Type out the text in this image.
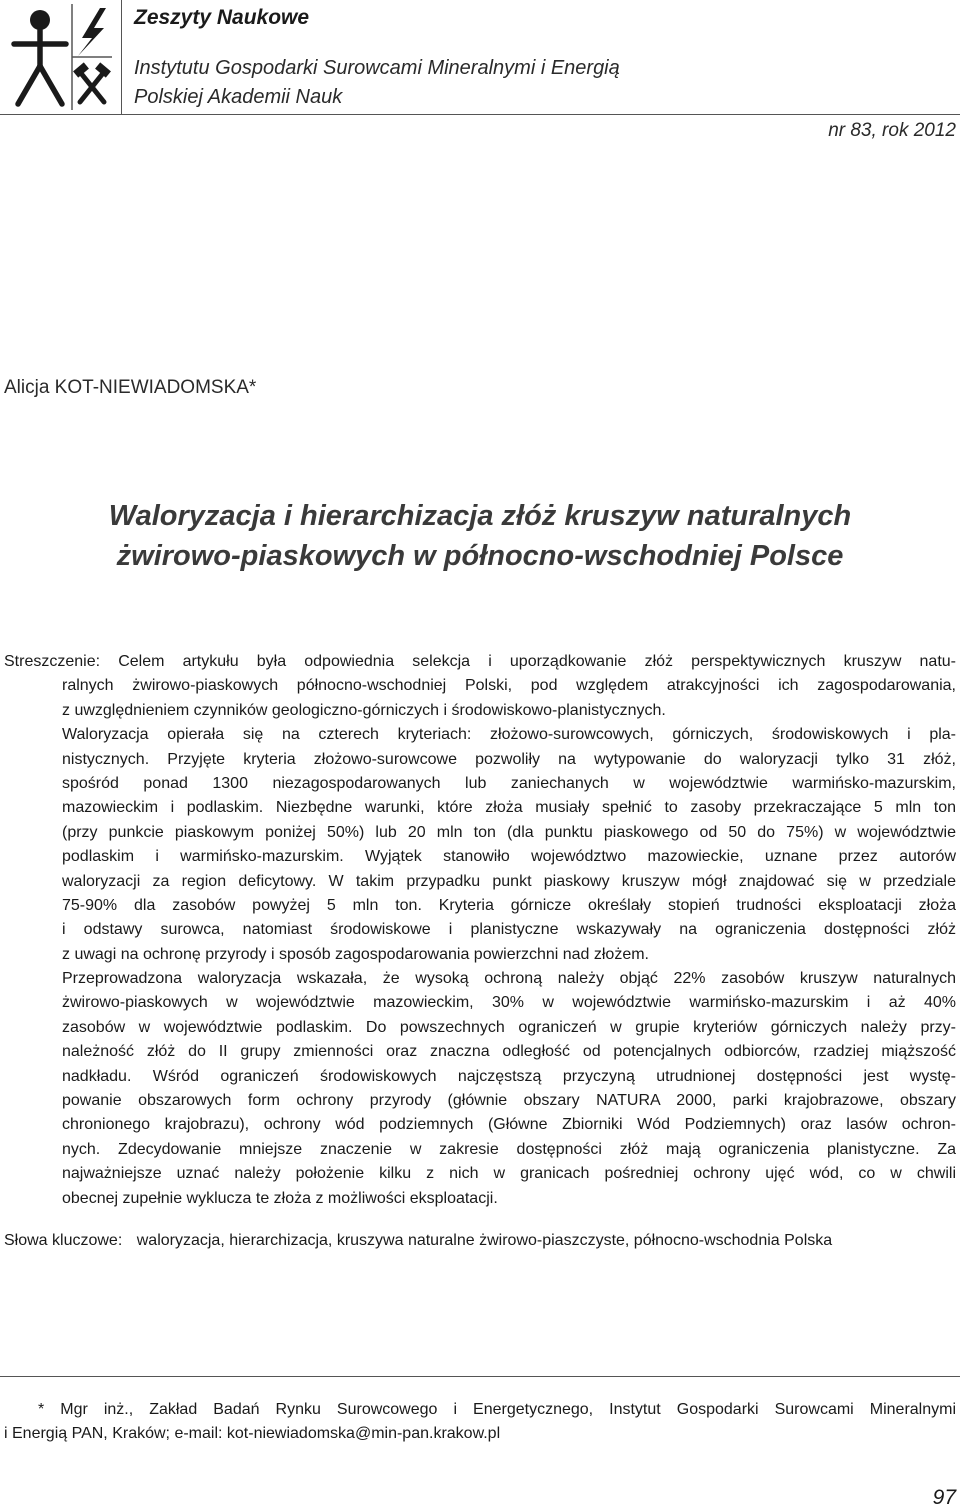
Zeszyty Naukowe
Instytutu Gospodarki Surowcami Mineralnymi i Energią
Polskiej Akademii Nauk
nr 83, rok 2012
Alicja KOT-NIEWIADOMSKA*
Waloryzacja i hierarchizacja złóż kruszyw naturalnych
żwirowo-piaskowych w północno-wschodniej Polsce
Streszczenie: Celem artykułu była odpowiednia selekcja i uporządkowanie złóż perspektywicznych kruszyw natu-
ralnych żwirowo-piaskowych północno-wschodniej Polski, pod względem atrakcyjności ich zagospodarowania,
z uwzględnieniem czynników geologiczno-górniczych i środowiskowo-planistycznych.
Waloryzacja opierała się na czterech kryteriach: złożowo-surowcowych, górniczych, środowiskowych i pla-
nistycznych. Przyjęte kryteria złożowo-surowcowe pozwoliły na wytypowanie do waloryzacji tylko 31 złóż,
spośród ponad 1300 niezagospodarowanych lub zaniechanych w województwie warmińsko-mazurskim,
mazowieckim i podlaskim. Niezbędne warunki, które złoża musiały spełnić to zasoby przekraczające 5 mln ton
(przy punkcie piaskowym poniżej 50%) lub 20 mln ton (dla punktu piaskowego od 50 do 75%) w województwie
podlaskim i warmińsko-mazurskim. Wyjątek stanowiło województwo mazowieckie, uznane przez autorów
waloryzacji za region deficytowy. W takim przypadku punkt piaskowy kruszyw mógł znajdować się w przedziale
75-90% dla zasobów powyżej 5 mln ton. Kryteria górnicze określały stopień trudności eksploatacji złoża
i odstawy surowca, natomiast środowiskowe i planistyczne wskazywały na ograniczenia dostępności złóż
z uwagi na ochronę przyrody i sposób zagospodarowania powierzchni nad złożem.
Przeprowadzona waloryzacja wskazała, że wysoką ochroną należy objąć 22% zasobów kruszyw naturalnych
żwirowo-piaskowych w województwie mazowieckim, 30% w województwie warmińsko-mazurskim i aż 40%
zasobów w województwie podlaskim. Do powszechnych ograniczeń w grupie kryteriów górniczych należy przy-
należność złóż do II grupy zmienności oraz znaczna odległość od potencjalnych odbiorców, rzadziej miąższość
nadkładu. Wśród ograniczeń środowiskowych najczęstszą przyczyną utrudnionej dostępności jest wystę-
powanie obszarowych form ochrony przyrody (głównie obszary NATURA 2000, parki krajobrazowe, obszary
chronionego krajobrazu), ochrony wód podziemnych (Główne Zbiorniki Wód Podziemnych) oraz lasów ochron-
nych. Zdecydowanie mniejsze znaczenie w zakresie dostępności złóż mają ograniczenia planistyczne. Za
najważniejsze uznać należy położenie kilku z nich w granicach pośredniej ochrony ujęć wód, co w chwili
obecnej zupełnie wyklucza te złoża z możliwości eksploatacji.
Słowa kluczowe: waloryzacja, hierarchizacja, kruszywa naturalne żwirowo-piaszczyste, północno-wschodnia Polska
* Mgr inż., Zakład Badań Rynku Surowcowego i Energetycznego, Instytut Gospodarki Surowcami Mineralnymi
i Energią PAN, Kraków; e-mail: kot-niewiadomska@min-pan.krakow.pl
97
